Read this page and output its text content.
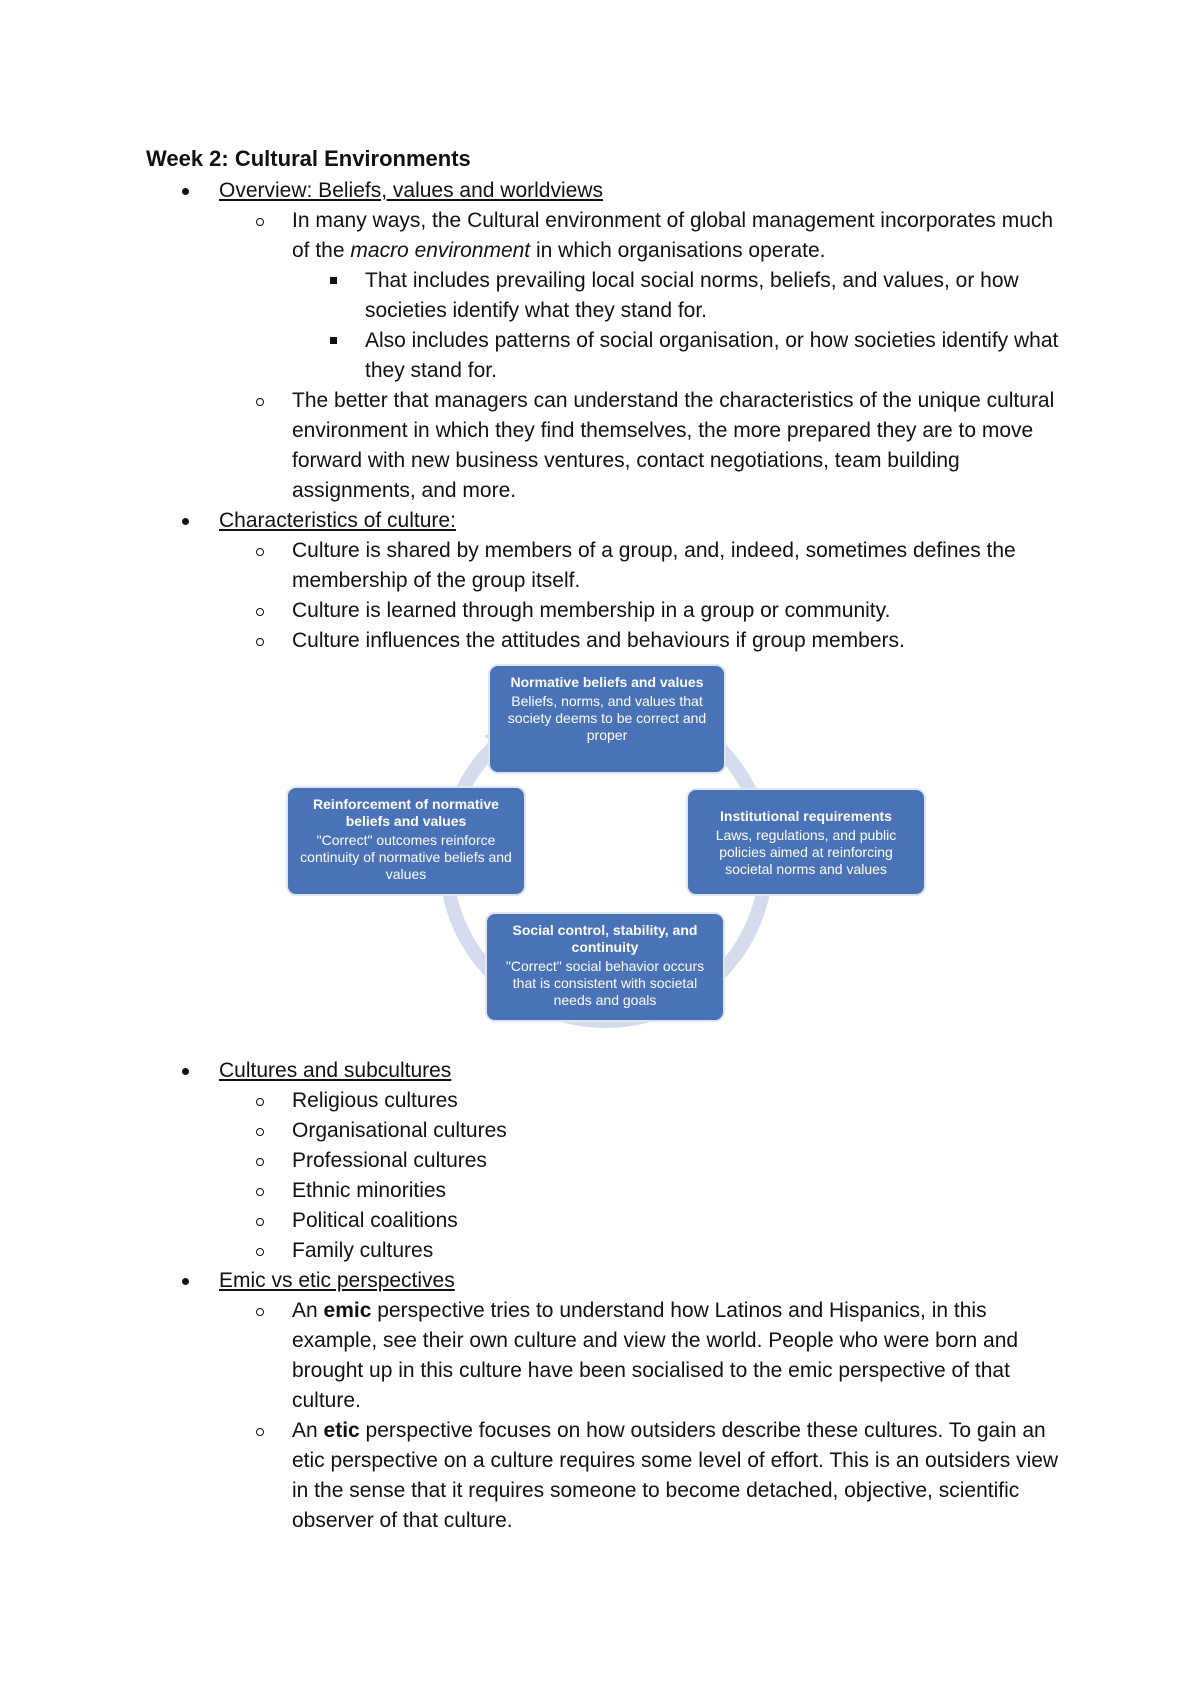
Week 2: Cultural Environments
Overview: Beliefs, values and worldviews
In many ways, the Cultural environment of global management incorporates much of the macro environment in which organisations operate.
That includes prevailing local social norms, beliefs, and values, or how societies identify what they stand for.
Also includes patterns of social organisation, or how societies identify what they stand for.
The better that managers can understand the characteristics of the unique cultural environment in which they find themselves, the more prepared they are to move forward with new business ventures, contact negotiations, team building assignments, and more.
Characteristics of culture:
Culture is shared by members of a group, and, indeed, sometimes defines the membership of the group itself.
Culture is learned through membership in a group or community.
Culture influences the attitudes and behaviours if group members.
Normative beliefs and values
Beliefs, norms, and values that society deems to be correct and proper
Institutional requirements
Laws, regulations, and public policies aimed at reinforcing societal norms and values
Social control, stability, and continuity
"Correct" social behavior occurs that is consistent with societal needs and goals
Reinforcement of normative beliefs and values
"Correct" outcomes reinforce continuity of normative beliefs and values
Cultures and subcultures
Religious cultures
Organisational cultures
Professional cultures
Ethnic minorities
Political coalitions
Family cultures
Emic vs etic perspectives
An emic perspective tries to understand how Latinos and Hispanics, in this example, see their own culture and view the world. People who were born and brought up in this culture have been socialised to the emic perspective of that culture.
An etic perspective focuses on how outsiders describe these cultures. To gain an etic perspective on a culture requires some level of effort. This is an outsiders view in the sense that it requires someone to become detached, objective, scientific observer of that culture.
